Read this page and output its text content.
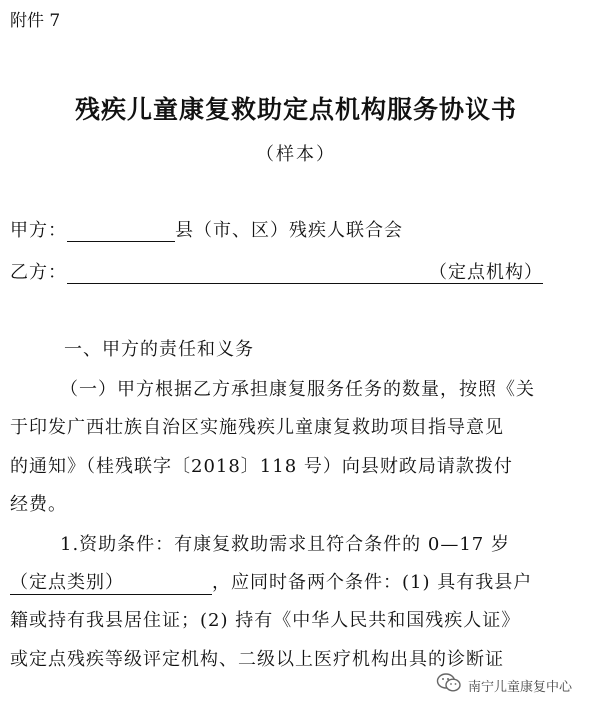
附件 7
残疾儿童康复救助定点机构服务协议书
（样本）
甲方：	县（市、区）残疾人联合会
乙方：	（定点机构）
一、甲方的责任和义务
（一）甲方根据乙方承担康复服务任务的数量，按照《关
于印发广西壮族自治区实施残疾儿童康复救助项目指导意见
的通知》（桂残联字〔2018〕118 号）向县财政局请款拨付
经费。
1.资助条件：有康复救助需求且符合条件的 0—17 岁
（定点类别）	，应同时备两个条件：(1) 具有我县户
籍或持有我县居住证；(2) 持有《中华人民共和国残疾人证》
或定点残疾等级评定机构、二级以上医疗机构出具的诊断证
南宁儿童康复中心
